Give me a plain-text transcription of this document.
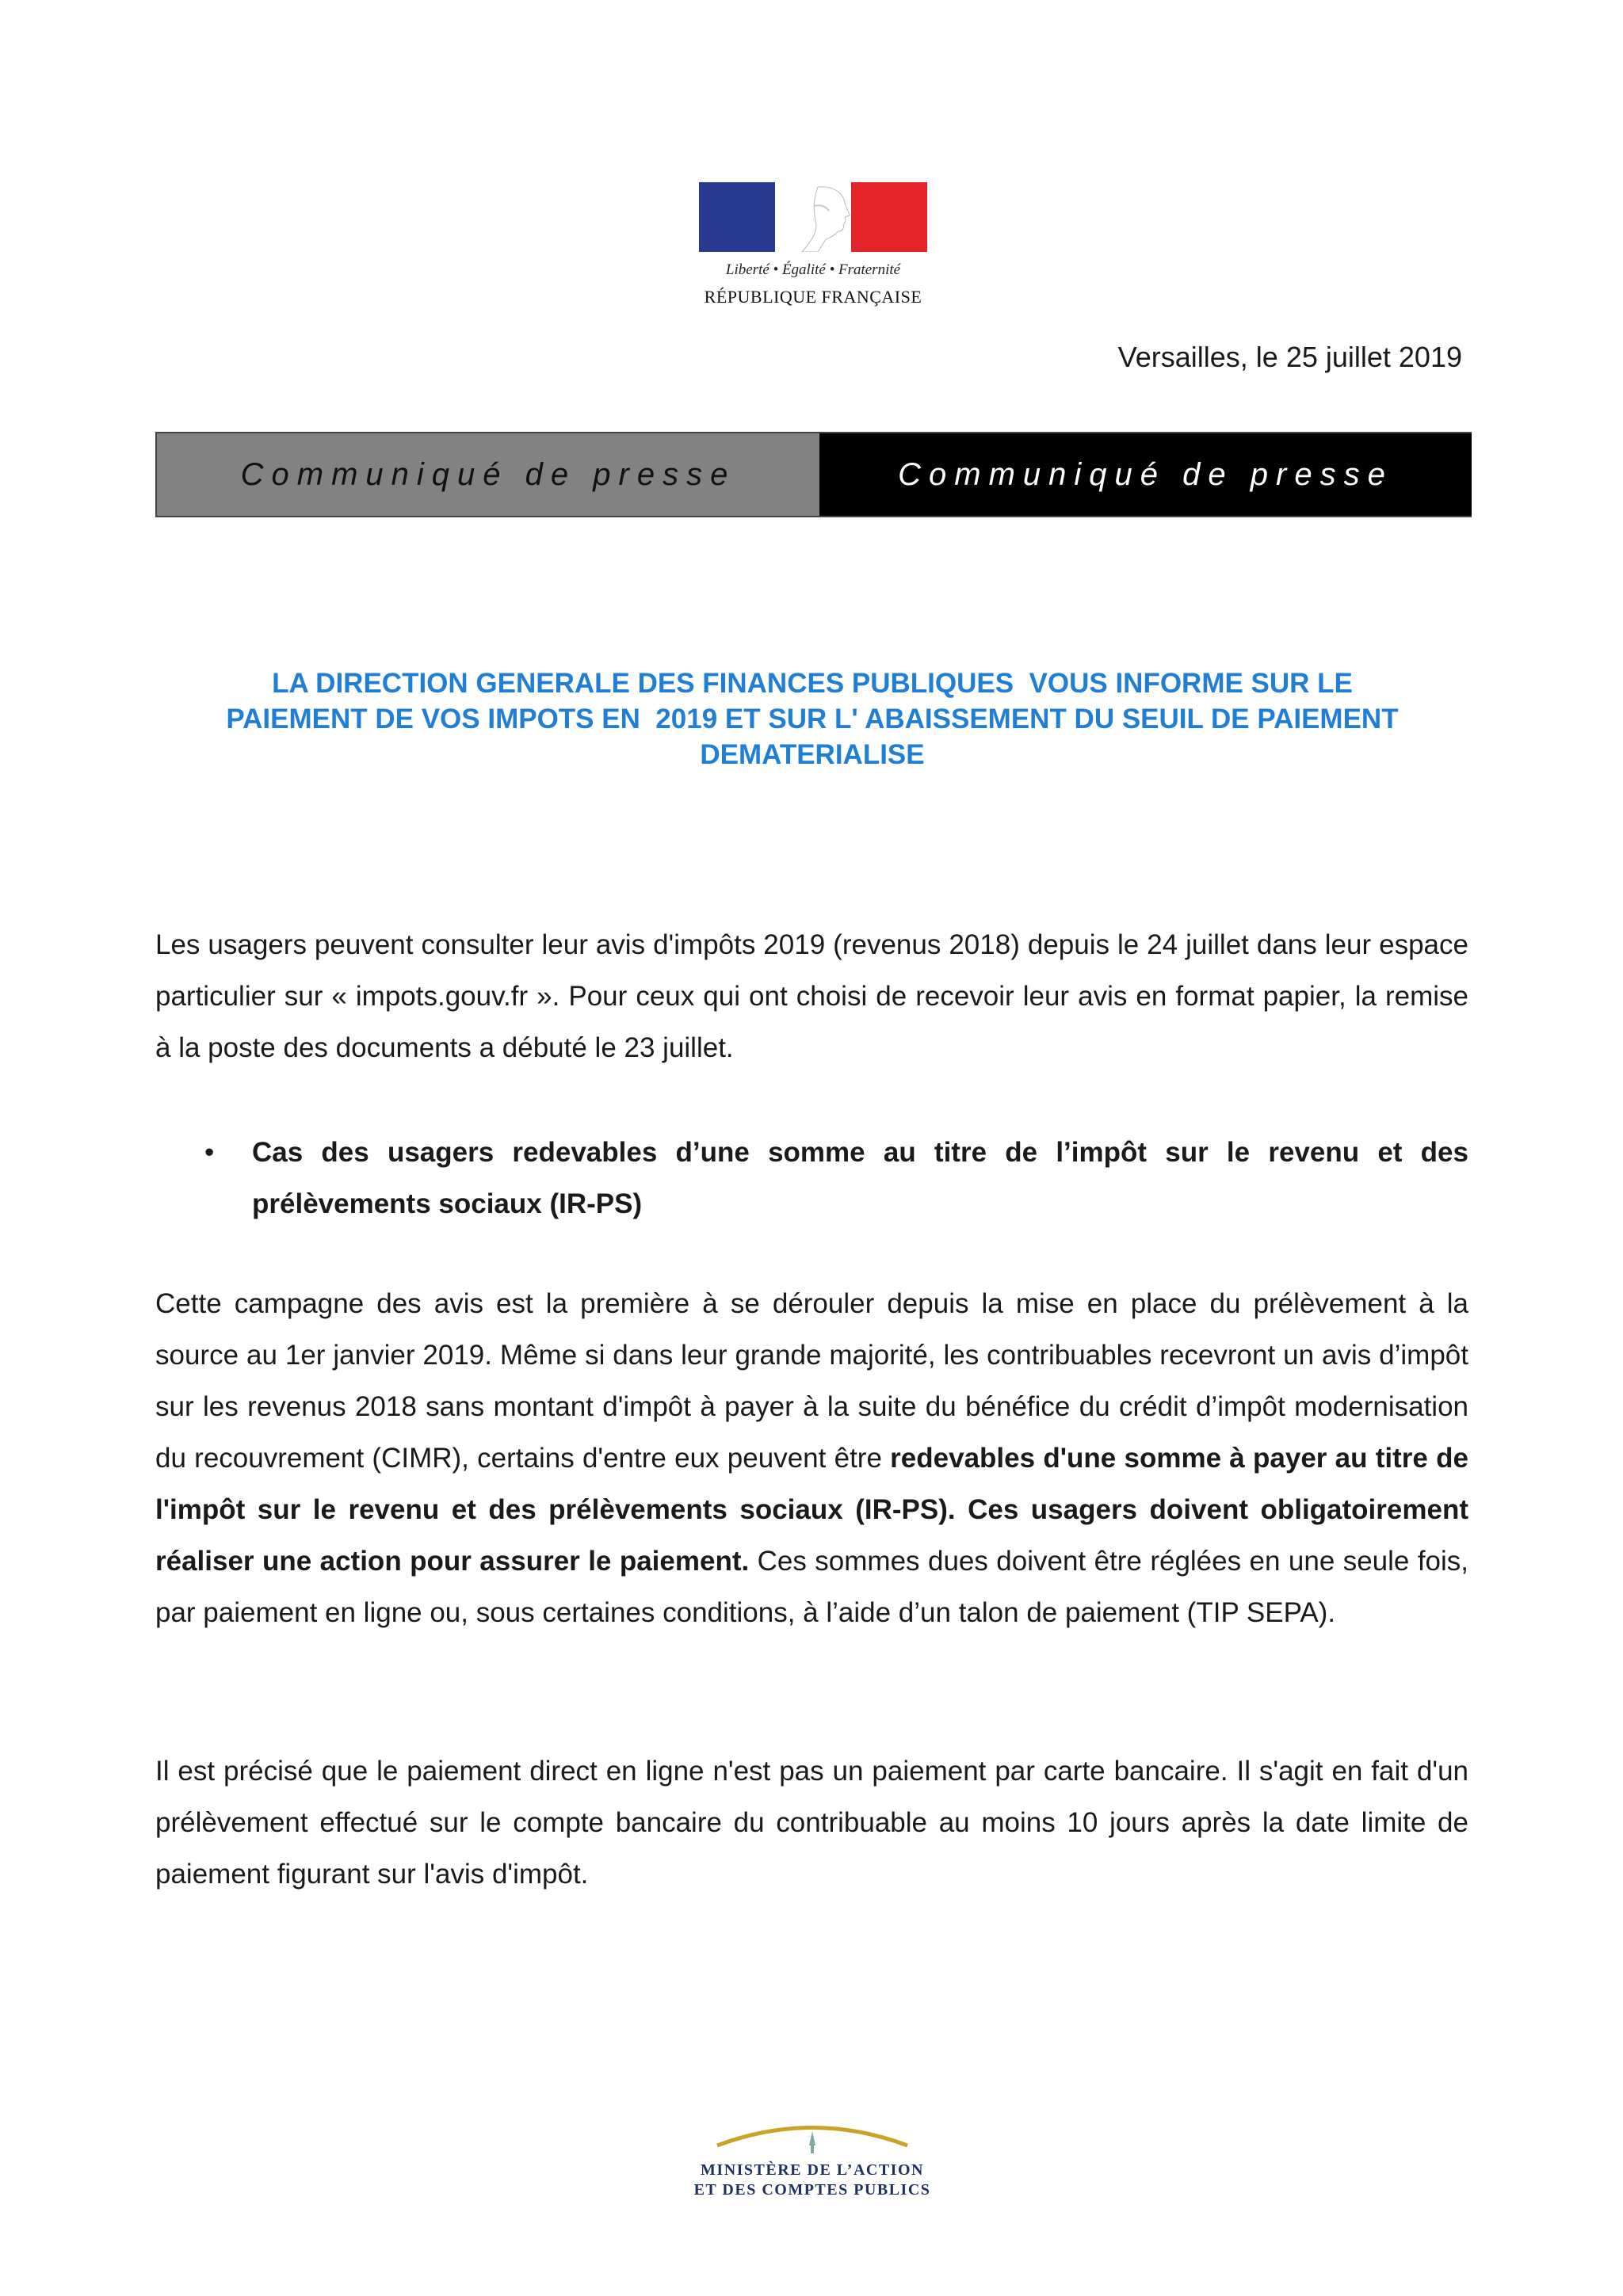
Liberté • Égalité • Fraternité
RÉPUBLIQUE FRANÇAISE
Versailles, le 25 juillet 2019
Communiqué de presse	Communiqué de presse
LA DIRECTION GENERALE DES FINANCES PUBLIQUES  VOUS INFORME SUR LE
PAIEMENT DE VOS IMPOTS EN  2019 ET SUR L' ABAISSEMENT DU SEUIL DE PAIEMENT
DEMATERIALISE
Les usagers peuvent consulter leur avis d'impôts 2019 (revenus 2018) depuis le 24 juillet dans leur espace particulier sur « impots.gouv.fr ». Pour ceux qui ont choisi de recevoir leur avis en format papier, la remise à la poste des documents a débuté le 23 juillet.
• Cas des usagers redevables d’une somme au titre de l’impôt sur le revenu et des prélèvements sociaux (IR-PS)
Cette campagne des avis est la première à se dérouler depuis la mise en place du prélèvement à la source au 1er janvier 2019. Même si dans leur grande majorité, les contribuables recevront un avis d’impôt sur les revenus 2018 sans montant d'impôt à payer à la suite du bénéfice du crédit d’impôt modernisation du recouvrement (CIMR), certains d'entre eux peuvent être redevables d'une somme à payer au titre de l'impôt sur le revenu et des prélèvements sociaux (IR-PS). Ces usagers doivent obligatoirement réaliser une action pour assurer le paiement. Ces sommes dues doivent être réglées en une seule fois, par paiement en ligne ou, sous certaines conditions, à l’aide d’un talon de paiement (TIP SEPA).
Il est précisé que le paiement direct en ligne n'est pas un paiement par carte bancaire. Il s'agit en fait d'un prélèvement effectué sur le compte bancaire du contribuable au moins 10 jours après la date limite de paiement figurant sur l'avis d'impôt.
MINISTÈRE DE L’ACTION
ET DES COMPTES PUBLICS
